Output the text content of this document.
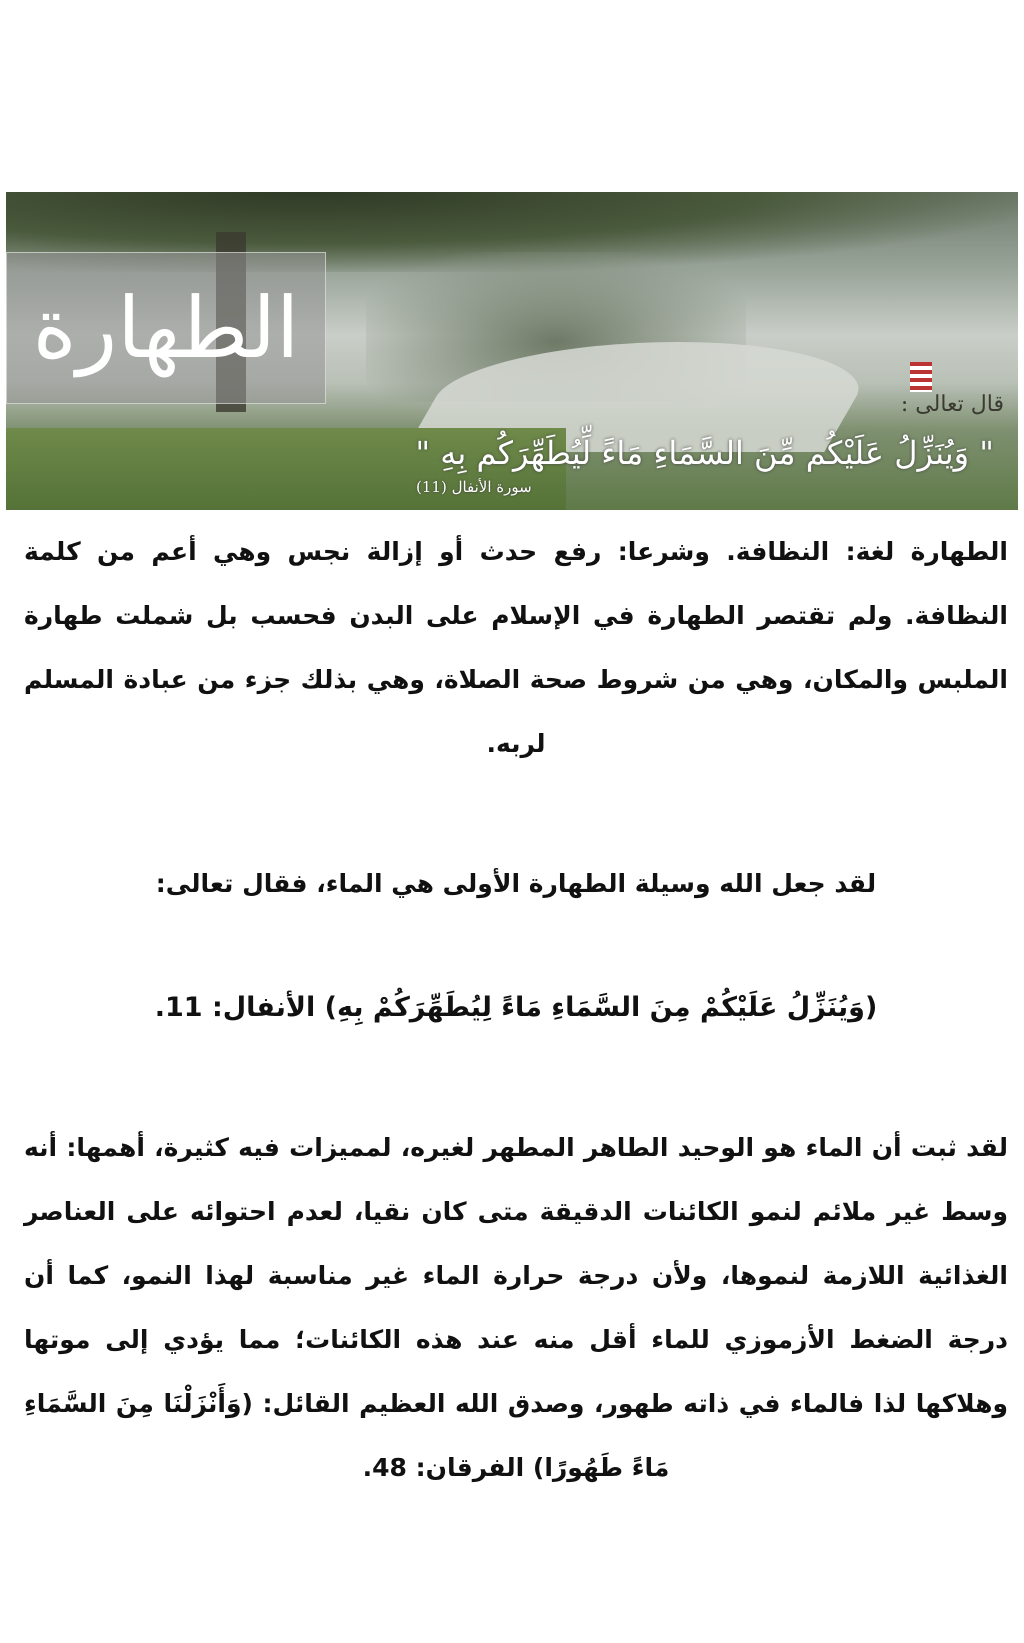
الطهارة
قال تعالى :
" وَيُنَزِّلُ عَلَيْكُم مِّنَ السَّمَاءِ مَاءً لِّيُطَهِّرَكُم بِهِ "
سورة الأنفال (11)

الطهارة لغة: النظافة. وشرعا: رفع حدث أو إزالة نجس وهي أعم من كلمة النظافة. ولم تقتصر الطهارة في الإسلام على البدن فحسب بل شملت طهارة الملبس والمكان، وهي من شروط صحة الصلاة، وهي بذلك جزء من عبادة المسلم لربه.

لقد جعل الله وسيلة الطهارة الأولى هي الماء، فقال تعالى:

(وَيُنَزِّلُ عَلَيْكُمْ مِنَ السَّمَاءِ مَاءً لِيُطَهِّرَكُمْ بِهِ) الأنفال: 11.

لقد ثبت أن الماء هو الوحيد الطاهر المطهر لغيره، لمميزات فيه كثيرة، أهمها: أنه وسط غير ملائم لنمو الكائنات الدقيقة متى كان نقيا، لعدم احتوائه على العناصر الغذائية اللازمة لنموها، ولأن درجة حرارة الماء غير مناسبة لهذا النمو، كما أن درجة الضغط الأزموزي للماء أقل منه عند هذه الكائنات؛ مما يؤدي إلى موتها وهلاكها لذا فالماء في ذاته طهور، وصدق الله العظيم القائل: (وَأَنْزَلْنَا مِنَ السَّمَاءِ مَاءً طَهُورًا) الفرقان: 48.
